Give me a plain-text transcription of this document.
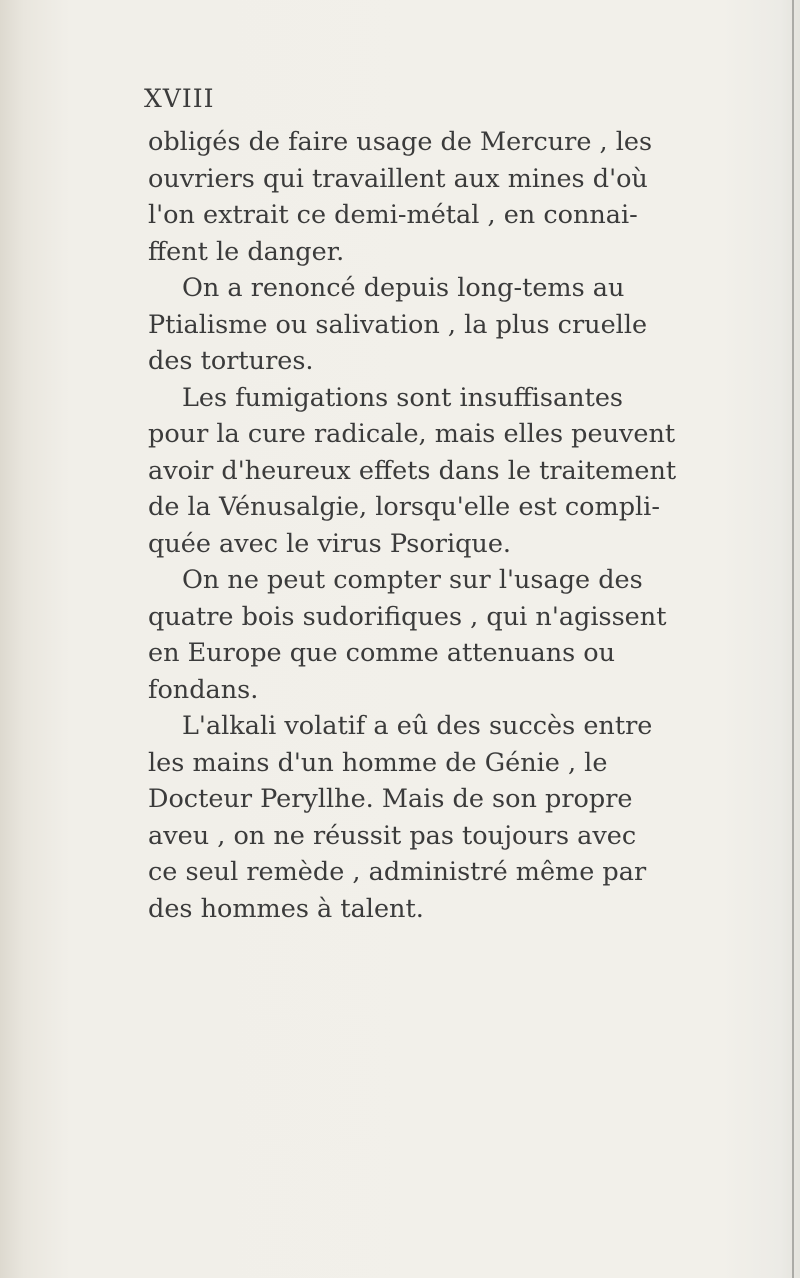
XVIII
obligés de faire usage de Mercure , les
ouvriers qui travaillent aux mines d'où
l'on extrait ce demi-métal , en connai-
ffent le danger.
On a renoncé depuis long-tems au
Ptialisme ou salivation , la plus cruelle
des tortures.
Les fumigations sont insuffisantes
pour la cure radicale, mais elles peuvent
avoir d'heureux effets dans le traitement
de la Vénusalgie, lorsqu'elle est compli-
quée avec le virus Psorique.
On ne peut compter sur l'usage des
quatre bois sudorifiques , qui n'agissent
en Europe que comme attenuans ou
fondans.
L'alkali volatif a eû des succès entre
les mains d'un homme de Génie , le
Docteur Peryllhe. Mais de son propre
aveu , on ne réussit pas toujours avec
ce seul remède , administré même par
des hommes à talent.
